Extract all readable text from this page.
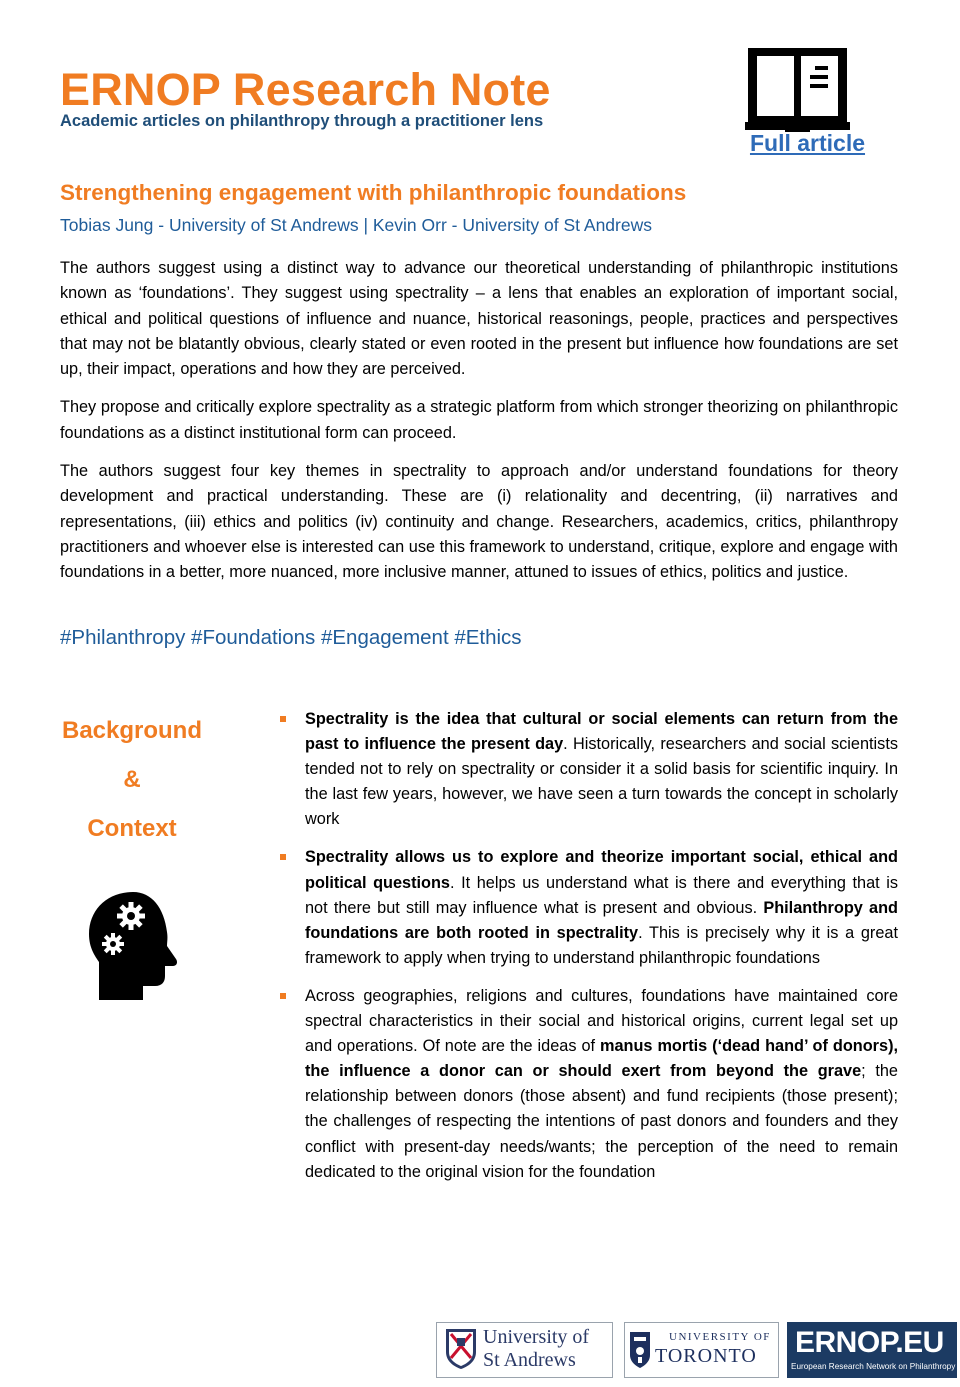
ERNOP Research Note
Academic articles on philanthropy through a practitioner lens
Full article
Strengthening engagement with philanthropic foundations
Tobias Jung - University of St Andrews | Kevin Orr - University of St Andrews

The authors suggest using a distinct way to advance our theoretical understanding of philanthropic institutions known as ‘foundations’. They suggest using spectrality – a lens that enables an exploration of important social, ethical and political questions of influence and nuance, historical reasonings, people, practices and perspectives that may not be blatantly obvious, clearly stated or even rooted in the present but influence how foundations are set up, their impact, operations and how they are perceived.

They propose and critically explore spectrality as a strategic platform from which stronger theorizing on philanthropic foundations as a distinct institutional form can proceed.

The authors suggest four key themes in spectrality to approach and/or understand foundations for theory development and practical understanding. These are (i) relationality and decentring, (ii) narratives and representations, (iii) ethics and politics (iv) continuity and change. Researchers, academics, critics, philanthropy practitioners and whoever else is interested can use this framework to understand, critique, explore and engage with foundations in a better, more nuanced, more inclusive manner, attuned to issues of ethics, politics and justice.

#Philanthropy #Foundations #Engagement #Ethics
Background
&
Context
Spectrality is the idea that cultural or social elements can return from the past to influence the present day. Historically, researchers and social scientists tended not to rely on spectrality or consider it a solid basis for scientific inquiry. In the last few years, however, we have seen a turn towards the concept in scholarly work
Spectrality allows us to explore and theorize important social, ethical and political questions. It helps us understand what is there and everything that is not there but still may influence what is present and obvious. Philanthropy and foundations are both rooted in spectrality. This is precisely why it is a great framework to apply when trying to understand philanthropic foundations
Across geographies, religions and cultures, foundations have maintained core spectral characteristics in their social and historical origins, current legal set up and operations. Of note are the ideas of manus mortis (‘dead hand’ of donors), the influence a donor can or should exert from beyond the grave; the relationship between donors (those absent) and fund recipients (those present); the challenges of respecting the intentions of past donors and founders and they conflict with present-day needs/wants; the perception of the need to remain dedicated to the original vision for the foundation
University of
St Andrews
UNIVERSITY OF
TORONTO ERNOP.EU
European Research Network on Philanthropy
